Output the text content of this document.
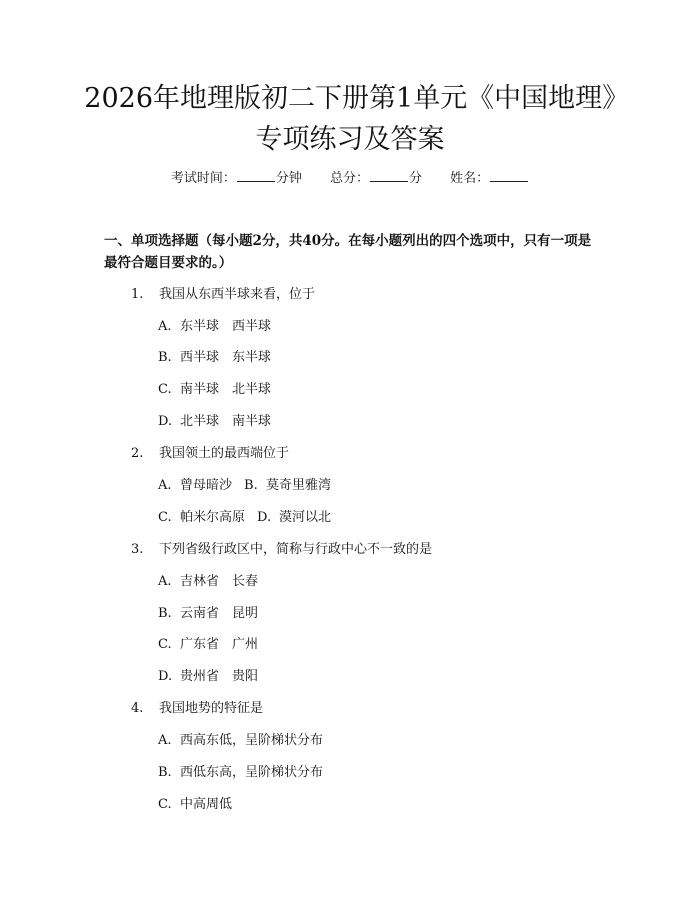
2026年地理版初二下册第1单元《中国地理》专项练习及答案
考试时间：	分钟 总分：	分 姓名：
一、单项选择题（每小题2分，共40分。在每小题列出的四个选项中，只有一项是最符合题目要求的。）
1. 我国从东西半球来看，位于
A. 东半球　西半球
B. 西半球　东半球
C. 南半球　北半球
D. 北半球　南半球
2. 我国领土的最西端位于
A. 曾母暗沙 B. 莫奇里雅湾
C. 帕米尔高原 D. 漠河以北
3. 下列省级行政区中，简称与行政中心不一致的是
A. 吉林省　长春
B. 云南省　昆明
C. 广东省　广州
D. 贵州省　贵阳
4. 我国地势的特征是
A. 西高东低，呈阶梯状分布
B. 西低东高，呈阶梯状分布
C. 中高周低
